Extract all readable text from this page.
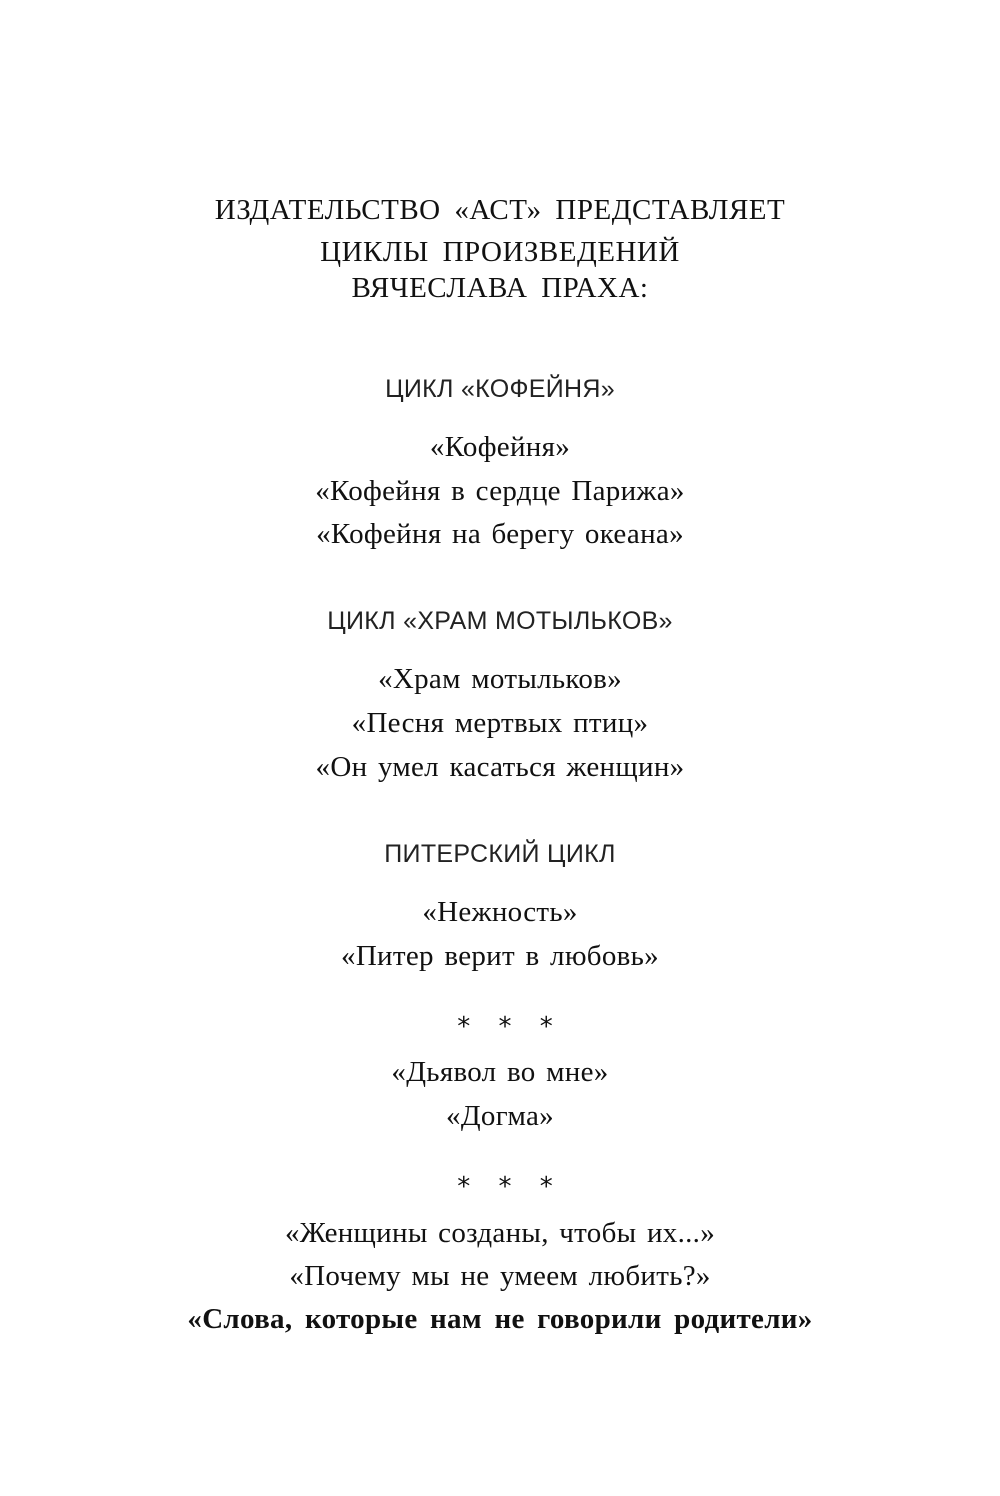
ИЗДАТЕЛЬСТВО «АСТ» ПРЕДСТАВЛЯЕТ
ЦИКЛЫ ПРОИЗВЕДЕНИЙ
ВЯЧЕСЛАВА ПРАХА:
ЦИКЛ «КОФЕЙНЯ»
«Кофейня»
«Кофейня в сердце Парижа»
«Кофейня на берегу океана»
ЦИКЛ «ХРАМ МОТЫЛЬКОВ»
«Храм мотыльков»
«Песня мертвых птиц»
«Он умел касаться женщин»
ПИТЕРСКИЙ ЦИКЛ
«Нежность»
«Питер верит в любовь»
* * *
«Дьявол во мне»
«Догма»
* * *
«Женщины созданы, чтобы их...»
«Почему мы не умеем любить?»
«Слова, которые нам не говорили родители»
